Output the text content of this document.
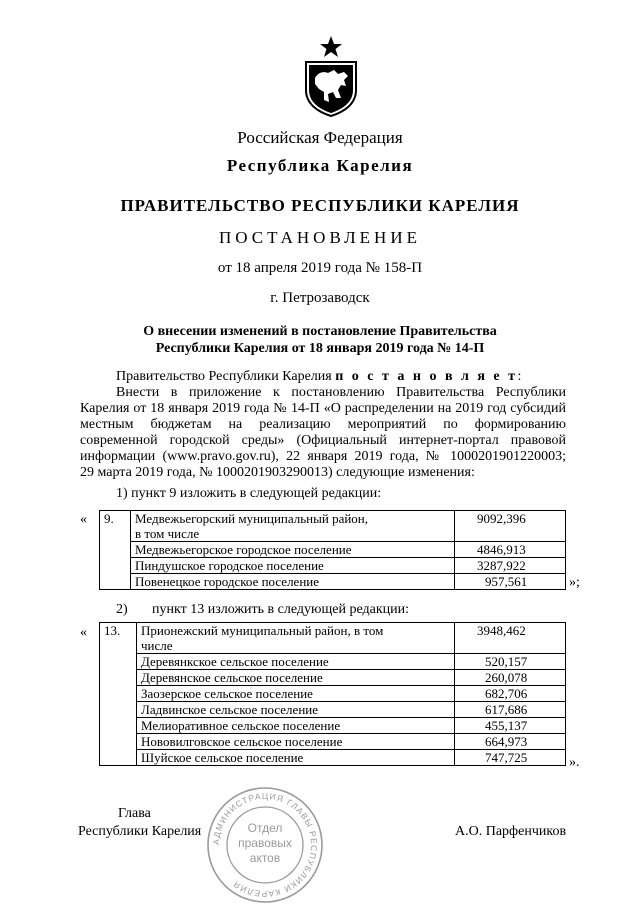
Российская Федерация
Республика Карелия
ПРАВИТЕЛЬСТВО РЕСПУБЛИКИ КАРЕЛИЯ
ПОСТАНОВЛЕНИЕ
от 18 апреля 2019 года № 158-П
г. Петрозаводск
О внесении изменений в постановление Правительства
Республики Карелия от 18 января 2019 года № 14-П
Правительство Республики Карелия п о с т а н о в л я е т:
Внести в приложение к постановлению Правительства Республики
Карелия от 18 января 2019 года № 14-П «О распределении на 2019 год субсидий
местным бюджетам на реализацию мероприятий по формированию
современной городской среды» (Официальный интернет-портал правовой
информации (www.pravo.gov.ru), 22 января 2019 года, № 1000201901220003;
29 марта 2019 года, № 1000201903290013) следующие изменения:
1) пункт 9 изложить в следующей редакции:
« 9.	Медвежьегорский муниципальный район,
в том числе	9092,396
	Медвежьегорское городское поселение	4846,913
	Пиндушское городское поселение	3287,922
	Повенецкое городское поселение	957,561	»;
2) пункт 13 изложить в следующей редакции:
« 13.	Прионежский муниципальный район, в том
числе	3948,462
	Деревянкское сельское поселение	520,157
	Деревянское сельское поселение	260,078
	Заозерское сельское поселение	682,706
	Ладвинское сельское поселение	617,686
	Мелиоративное сельское поселение	455,137
	Нововилговское сельское поселение	664,973
	Шуйское сельское поселение	747,725	».
Глава
Республики Карелия	А.О. Парфенчиков
АДМИНИСТРАЦИЯ ГЛАВЫ РЕСПУБЛИКИ КАРЕЛИЯ
Отдел
правовых
актов
